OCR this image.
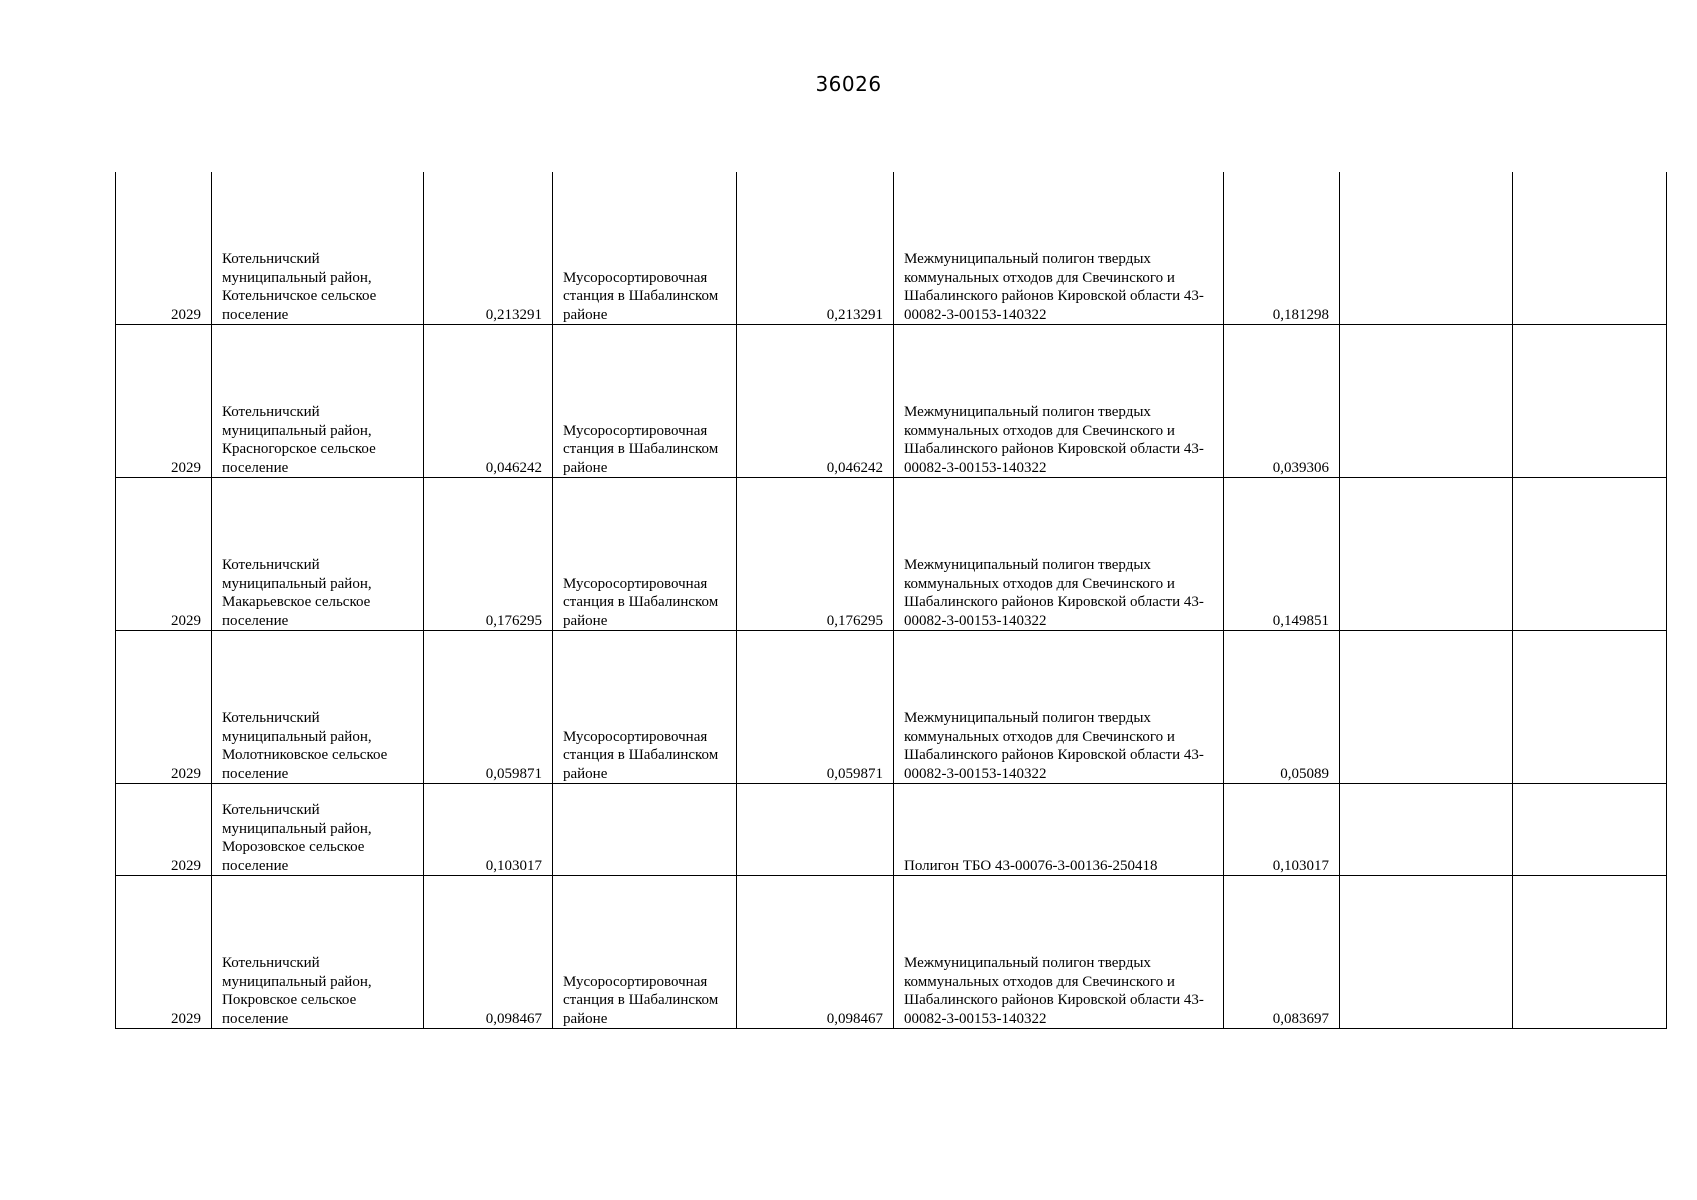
36026
2029	Котельничский муниципальный район, Котельничское сельское поселение	0,213291	Мусоросортировочная станция в Шабалинском районе	0,213291	Межмуниципальный полигон твердых коммунальных отходов для Свечинского и Шабалинского районов Кировской области 43-00082-3-00153-140322	0,181298		
2029	Котельничский муниципальный район, Красногорское сельское поселение	0,046242	Мусоросортировочная станция в Шабалинском районе	0,046242	Межмуниципальный полигон твердых коммунальных отходов для Свечинского и Шабалинского районов Кировской области 43-00082-3-00153-140322	0,039306		
2029	Котельничский муниципальный район, Макарьевское сельское поселение	0,176295	Мусоросортировочная станция в Шабалинском районе	0,176295	Межмуниципальный полигон твердых коммунальных отходов для Свечинского и Шабалинского районов Кировской области 43-00082-3-00153-140322	0,149851		
2029	Котельничский муниципальный район, Молотниковское сельское поселение	0,059871	Мусоросортировочная станция в Шабалинском районе	0,059871	Межмуниципальный полигон твердых коммунальных отходов для Свечинского и Шабалинского районов Кировской области 43-00082-3-00153-140322	0,05089		
2029	Котельничский муниципальный район, Морозовское сельское поселение	0,103017			Полигон ТБО 43-00076-3-00136-250418	0,103017		
2029	Котельничский муниципальный район, Покровское сельское поселение	0,098467	Мусоросортировочная станция в Шабалинском районе	0,098467	Межмуниципальный полигон твердых коммунальных отходов для Свечинского и Шабалинского районов Кировской области 43-00082-3-00153-140322	0,083697		
